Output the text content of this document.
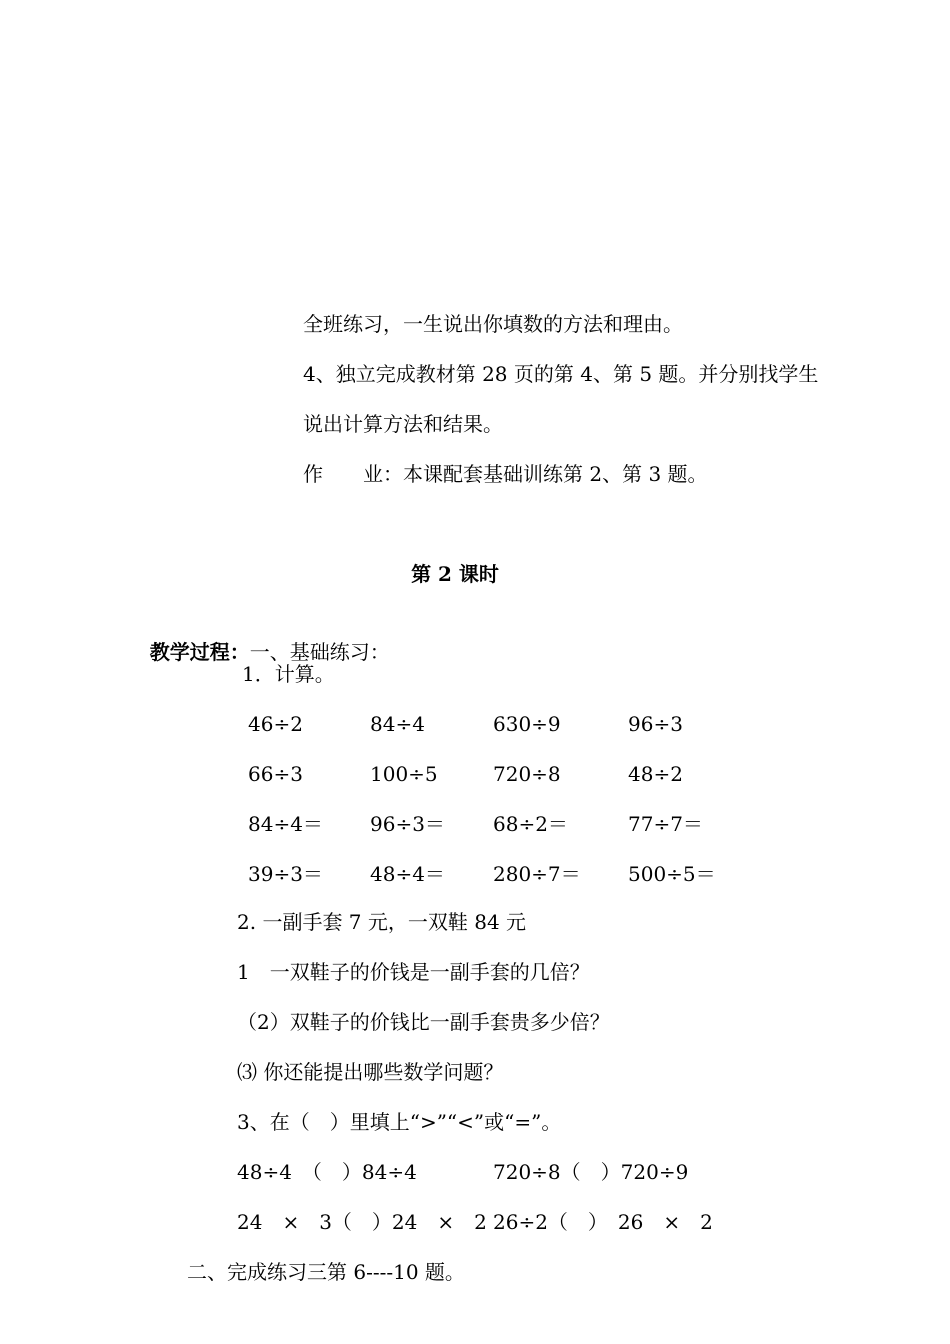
全班练习，一生说出你填数的方法和理由。
4、独立完成教材第 28 页的第 4、第 5 题。并分别找学生
说出计算方法和结果。
作　　业：本课配套基础训练第 2、第 3 题。
第 2 课时

教学过程：一、基础练习：

1．计算。
46÷2	84÷4	630÷9	96÷3
66÷3	100÷5	720÷8	48÷2
84÷4＝ 96÷3＝ 68÷2＝	77÷7＝
39÷3＝ 48÷4＝ 280÷7＝ 500÷5＝
2. 一副手套 7 元，一双鞋 84 元
1　一双鞋子的价钱是一副手套的几倍？
（2）双鞋子的价钱比一副手套贵多少倍？
⑶ 你还能提出哪些数学问题？
3、在（　）里填上“>”“<”或“=”。
48÷4　（　）84÷4	720÷8（　）720÷9
24　×　3（　）24　×　2 26÷2（　）　26　×　2
二、完成练习三第 6----10 题。
